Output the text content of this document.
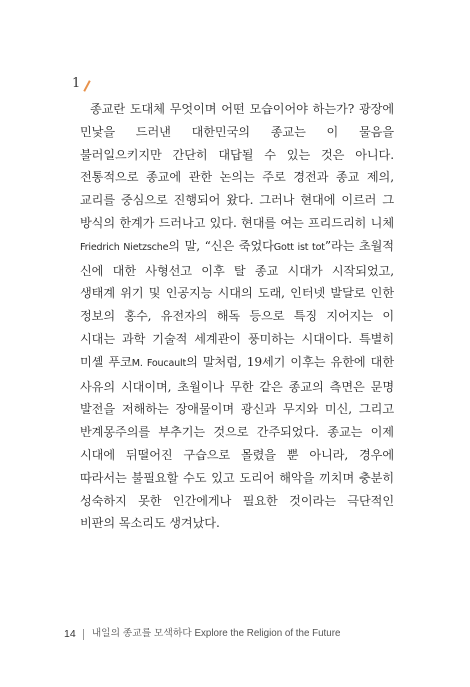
1

종교란 도대체 무엇이며 어떤 모습이어야 하는가? 광장에 민낯을 드러낸 대한민국의 종교는 이 물음을 불러일으키지만 간단히 대답될 수 있는 것은 아니다. 전통적으로 종교에 관한 논의는 주로 경전과 종교 제의, 교리를 중심으로 진행되어 왔다. 그러나 현대에 이르러 그 방식의 한계가 드러나고 있다. 현대를 여는 프리드리히 니체 Friedrich Nietzsche의 말, “신은 죽었다Gott ist tot”라는 초월적 신에 대한 사형선고 이후 탈 종교 시대가 시작되었고, 생태계 위기 및 인공지능 시대의 도래, 인터넷 발달로 인한 정보의 홍수, 유전자의 해독 등으로 특징 지어지는 이 시대는 과학 기술적 세계관이 풍미하는 시대이다. 특별히 미셸 푸코M. Foucault의 말처럼, 19세기 이후는 유한에 대한 사유의 시대이며, 초월이나 무한 같은 종교의 측면은 문명 발전을 저해하는 장애물이며 광신과 무지와 미신, 그리고 반계몽주의를 부추기는 것으로 간주되었다. 종교는 이제 시대에 뒤떨어진 구습으로 몰렸을 뿐 아니라, 경우에 따라서는 불필요할 수도 있고 도리어 해악을 끼치며 충분히 성숙하지 못한 인간에게나 필요한 것이라는 극단적인 비판의 목소리도 생겨났다.

14 내일의 종교를 모색하다 Explore the Religion of the Future
